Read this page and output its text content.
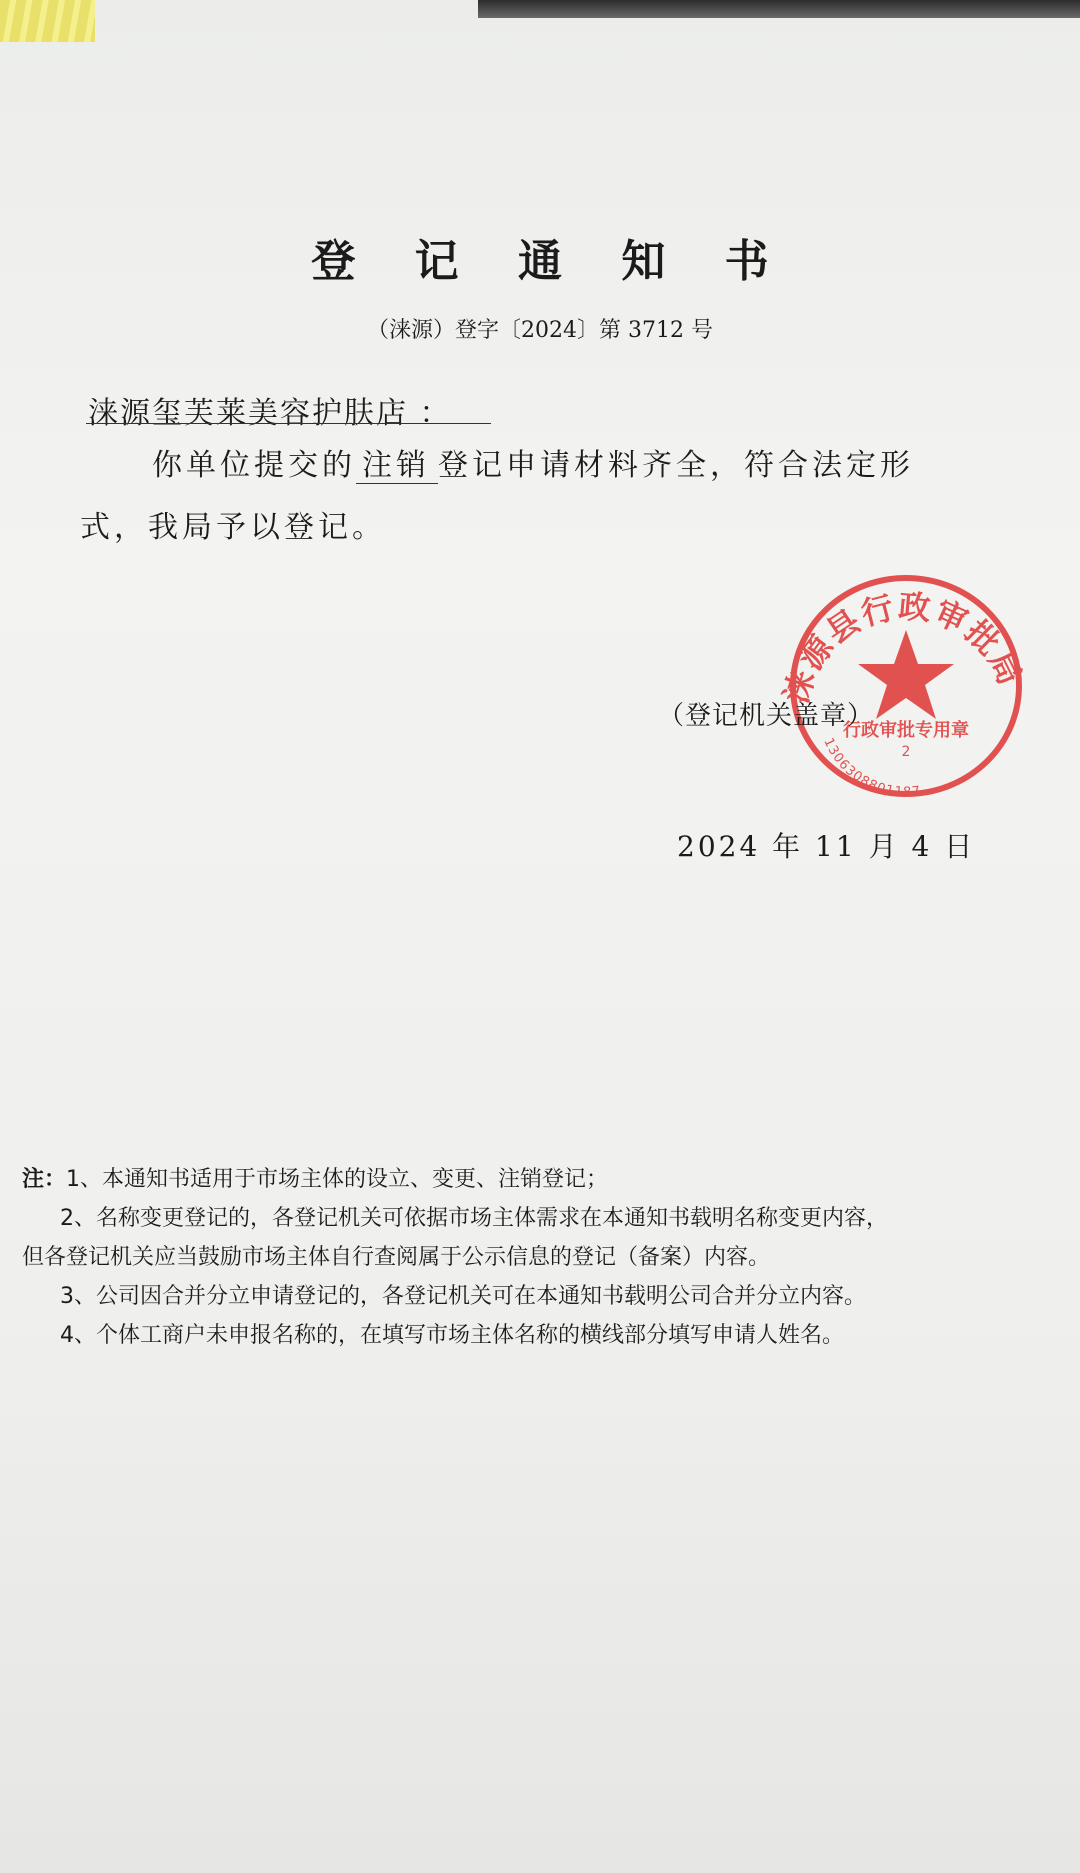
登 记 通 知 书
（涞源）登字〔2024〕第 3712 号
涞源玺芙莱美容护肤店 ：
你单位提交的 注销 登记申请材料齐全，符合法定形
式，我局予以登记。
涞源县行政审批局
行政审批专用章
2
1306308801187
（登记机关盖章）
2024 年 11 月 4 日
注：1、本通知书适用于市场主体的设立、变更、注销登记；
2、名称变更登记的，各登记机关可依据市场主体需求在本通知书载明名称变更内容，
但各登记机关应当鼓励市场主体自行查阅属于公示信息的登记（备案）内容。
3、公司因合并分立申请登记的，各登记机关可在本通知书载明公司合并分立内容。
4、个体工商户未申报名称的，在填写市场主体名称的横线部分填写申请人姓名。
